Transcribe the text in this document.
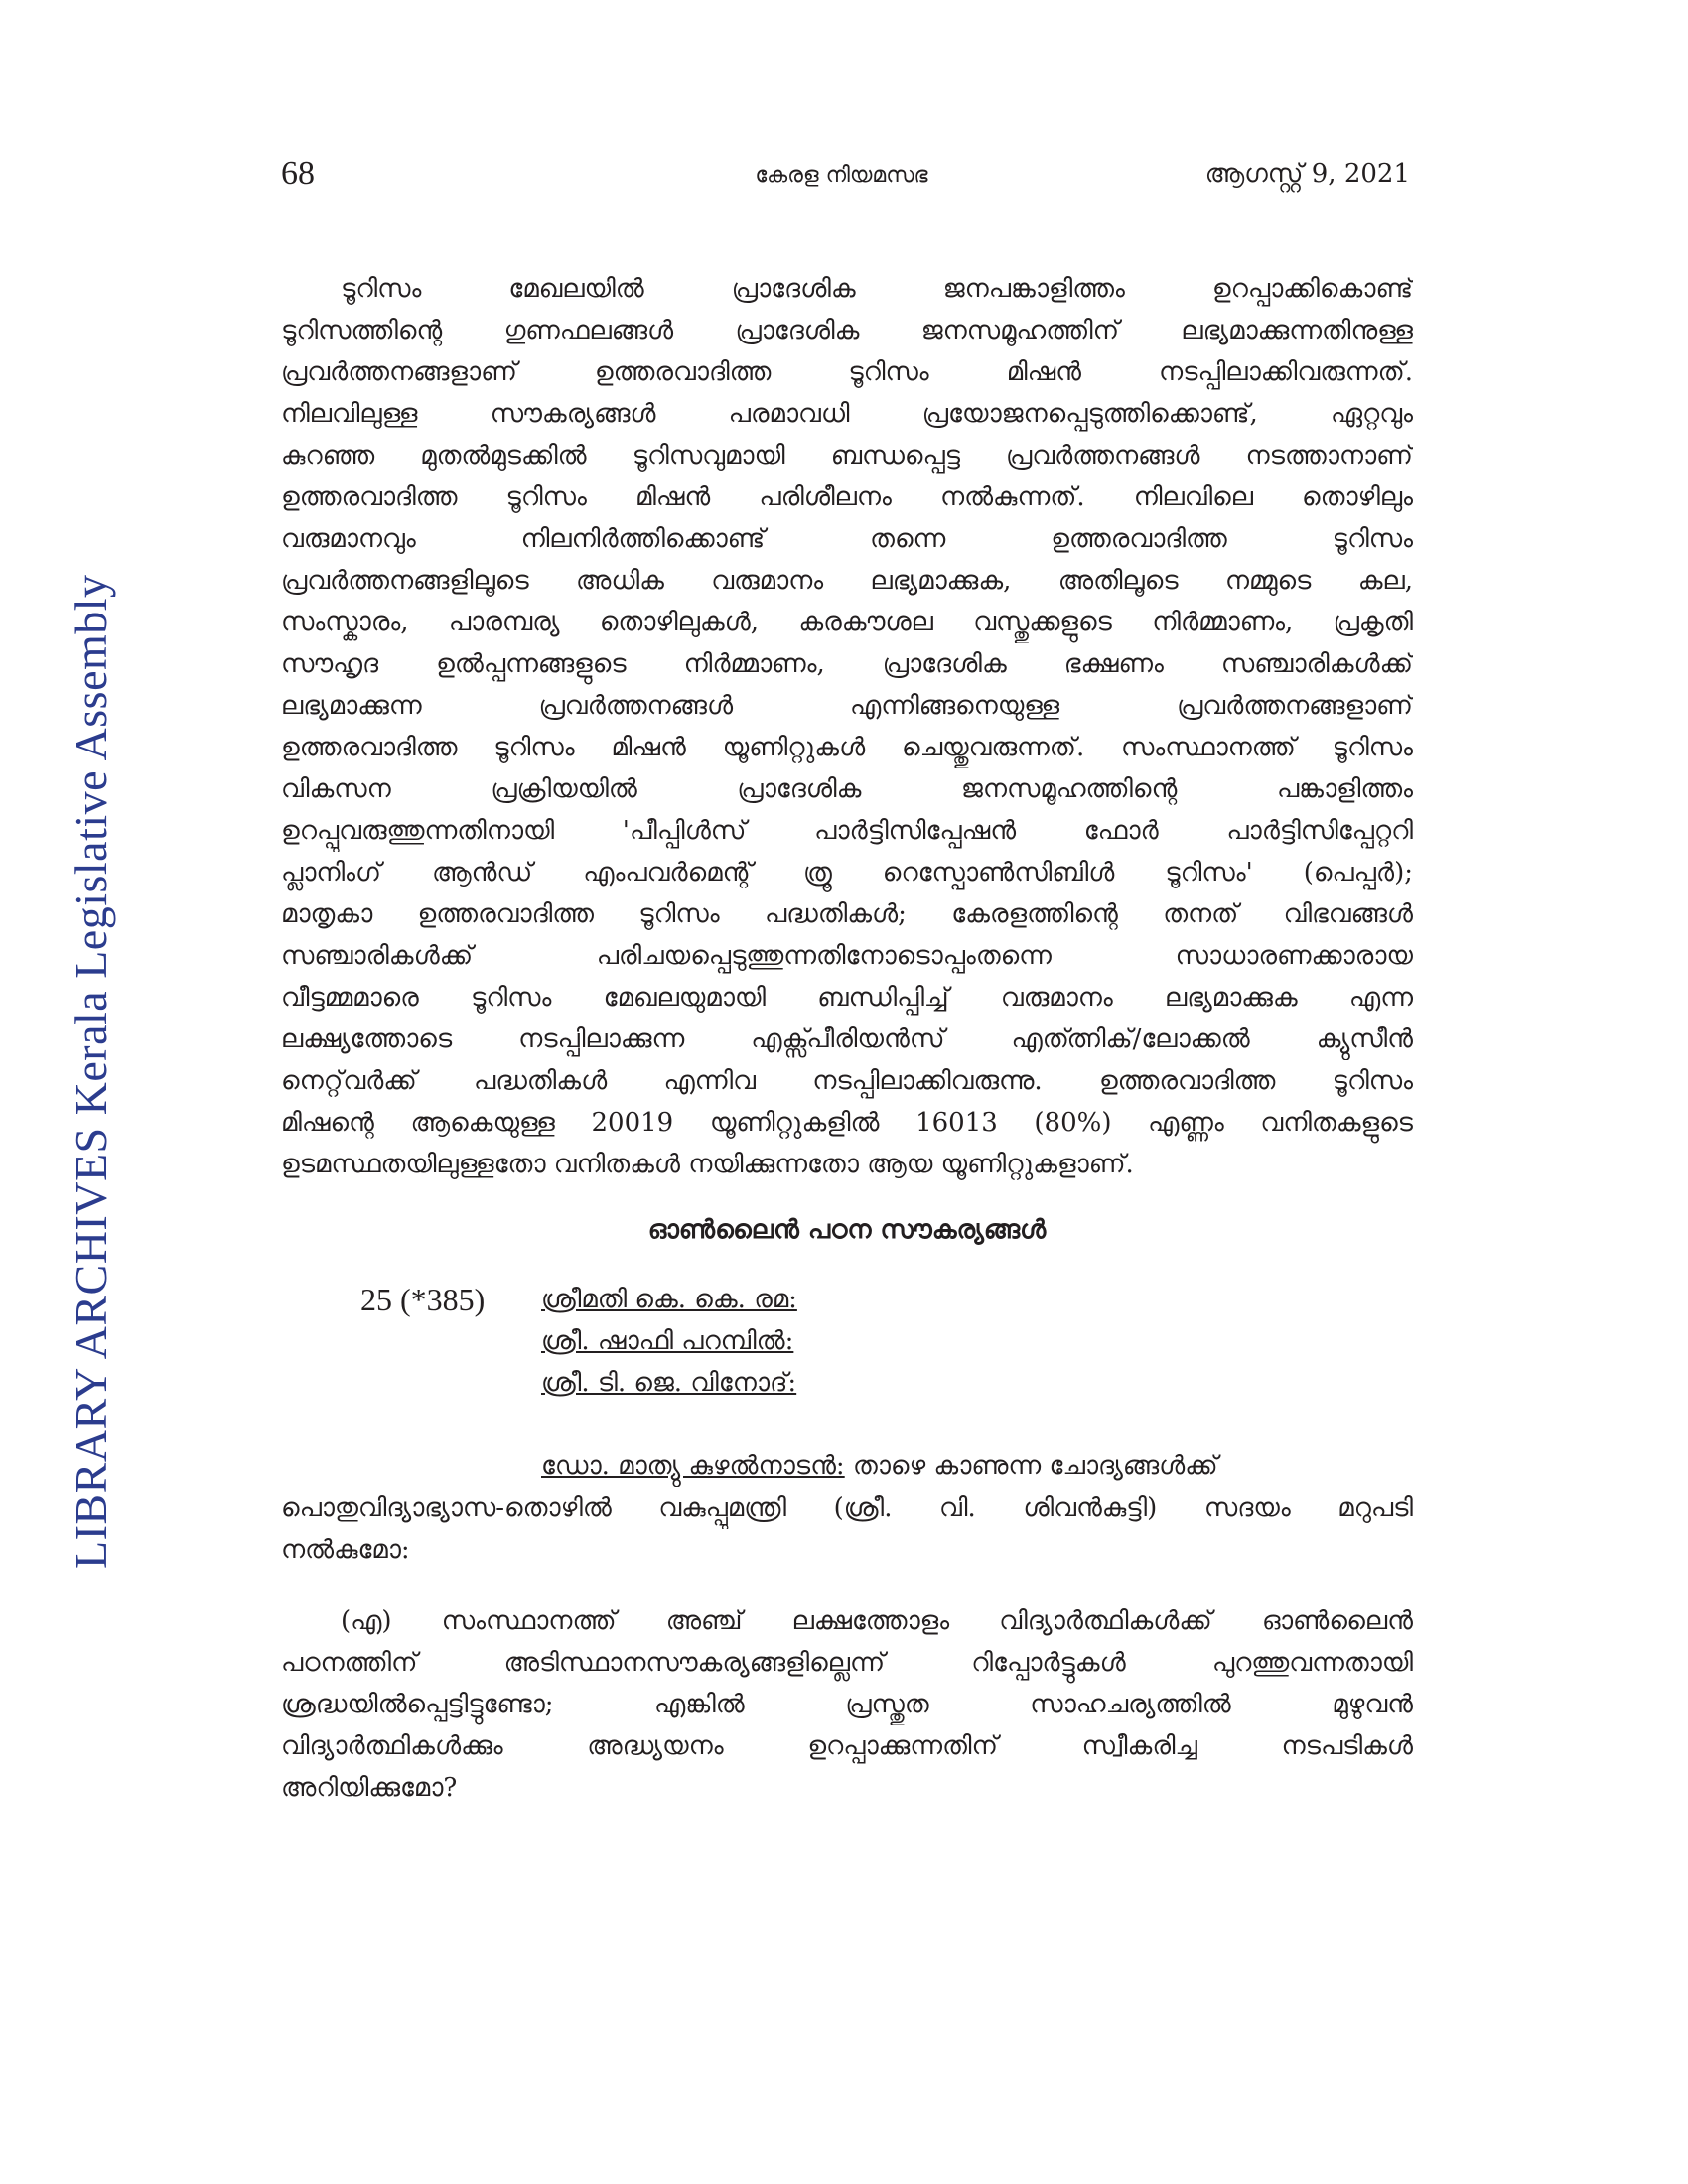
68	കേരള നിയമസഭ	ആഗസ്റ്റ് 9, 2021
LIBRARY ARCHIVES Kerala Legislative Assembly
ടൂറിസം മേഖലയിൽ പ്രാദേശിക ജനപങ്കാളിത്തം ഉറപ്പാക്കികൊണ്ട്
ടൂറിസത്തിന്റെ ഗുണഫലങ്ങൾ പ്രാദേശിക ജനസമൂഹത്തിന് ലഭ്യമാക്കുന്നതിനുള്ള
പ്രവർത്തനങ്ങളാണ് ഉത്തരവാദിത്ത ടൂറിസം മിഷൻ നടപ്പിലാക്കിവരുന്നത്.
നിലവിലുള്ള സൗകര്യങ്ങൾ പരമാവധി പ്രയോജനപ്പെടുത്തിക്കൊണ്ട്, ഏറ്റവും
കുറഞ്ഞ മുതൽമുടക്കിൽ ടൂറിസവുമായി ബന്ധപ്പെട്ട പ്രവർത്തനങ്ങൾ നടത്താനാണ്
ഉത്തരവാദിത്ത ടൂറിസം മിഷൻ പരിശീലനം നൽകുന്നത്. നിലവിലെ തൊഴിലും
വരുമാനവും നിലനിർത്തിക്കൊണ്ട് തന്നെ ഉത്തരവാദിത്ത ടൂറിസം
പ്രവർത്തനങ്ങളിലൂടെ അധിക വരുമാനം ലഭ്യമാക്കുക, അതിലൂടെ നമ്മുടെ കല,
സംസ്കാരം, പാരമ്പര്യ തൊഴിലുകൾ, കരകൗശല വസ്തുക്കളുടെ നിർമ്മാണം, പ്രകൃതി
സൗഹൃദ ഉൽപ്പന്നങ്ങളുടെ നിർമ്മാണം, പ്രാദേശിക ഭക്ഷണം സഞ്ചാരികൾക്ക്
ലഭ്യമാക്കുന്ന പ്രവർത്തനങ്ങൾ എന്നിങ്ങനെയുള്ള പ്രവർത്തനങ്ങളാണ്
ഉത്തരവാദിത്ത ടൂറിസം മിഷൻ യൂണിറ്റുകൾ ചെയ്തുവരുന്നത്. സംസ്ഥാനത്ത് ടൂറിസം
വികസന പ്രക്രിയയിൽ പ്രാദേശിക ജനസമൂഹത്തിന്റെ പങ്കാളിത്തം
ഉറപ്പുവരുത്തുന്നതിനായി 'പീപ്പിൾസ് പാർട്ടിസിപ്പേഷൻ ഫോർ പാർട്ടിസിപ്പേറ്ററി
പ്ലാനിംഗ് ആൻഡ് എംപവർമെന്റ് ത്രൂ റെസ്പോൺസിബിൾ ടൂറിസം' (പെപ്പർ);
മാതൃകാ ഉത്തരവാദിത്ത ടൂറിസം പദ്ധതികൾ; കേരളത്തിന്റെ തനത് വിഭവങ്ങൾ
സഞ്ചാരികൾക്ക് പരിചയപ്പെടുത്തുന്നതിനോടൊപ്പംതന്നെ സാധാരണക്കാരായ
വീട്ടമ്മമാരെ ടൂറിസം മേഖലയുമായി ബന്ധിപ്പിച്ച് വരുമാനം ലഭ്യമാക്കുക എന്ന
ലക്ഷ്യത്തോടെ നടപ്പിലാക്കുന്ന എക്സ്പീരിയൻസ് എത്ത്നിക്/ലോക്കൽ ക്യുസീൻ
നെറ്റ്‌വർക്ക് പദ്ധതികൾ എന്നിവ നടപ്പിലാക്കിവരുന്നു. ഉത്തരവാദിത്ത ടൂറിസം
മിഷന്റെ ആകെയുള്ള 20019 യൂണിറ്റുകളിൽ 16013 (80%) എണ്ണം വനിതകളുടെ
ഉടമസ്ഥതയിലുള്ളതോ വനിതകൾ നയിക്കുന്നതോ ആയ യൂണിറ്റുകളാണ്.
ഓൺലൈൻ പഠന സൗകര്യങ്ങൾ
25 (*385) ശ്രീമതി കെ. കെ. രമ:
ശ്രീ. ഷാഫി പറമ്പിൽ:
ശ്രീ. ടി. ജെ. വിനോദ്:
ഡോ. മാത്യു കുഴൽനാടൻ: താഴെ കാണുന്ന ചോദ്യങ്ങൾക്ക്
പൊതുവിദ്യാഭ്യാസ-തൊഴിൽ വകുപ്പുമന്ത്രി (ശ്രീ. വി. ശിവൻകുട്ടി) സദയം മറുപടി
നൽകുമോ:
(എ) സംസ്ഥാനത്ത് അഞ്ച് ലക്ഷത്തോളം വിദ്യാർത്ഥികൾക്ക് ഓൺലൈൻ
പഠനത്തിന് അടിസ്ഥാനസൗകര്യങ്ങളില്ലെന്ന് റിപ്പോർട്ടുകൾ പുറത്തുവന്നതായി
ശ്രദ്ധയിൽപ്പെട്ടിട്ടുണ്ടോ; എങ്കിൽ പ്രസ്തുത സാഹചര്യത്തിൽ മുഴുവൻ
വിദ്യാർത്ഥികൾക്കും അദ്ധ്യയനം ഉറപ്പാക്കുന്നതിന് സ്വീകരിച്ച നടപടികൾ
അറിയിക്കുമോ?
